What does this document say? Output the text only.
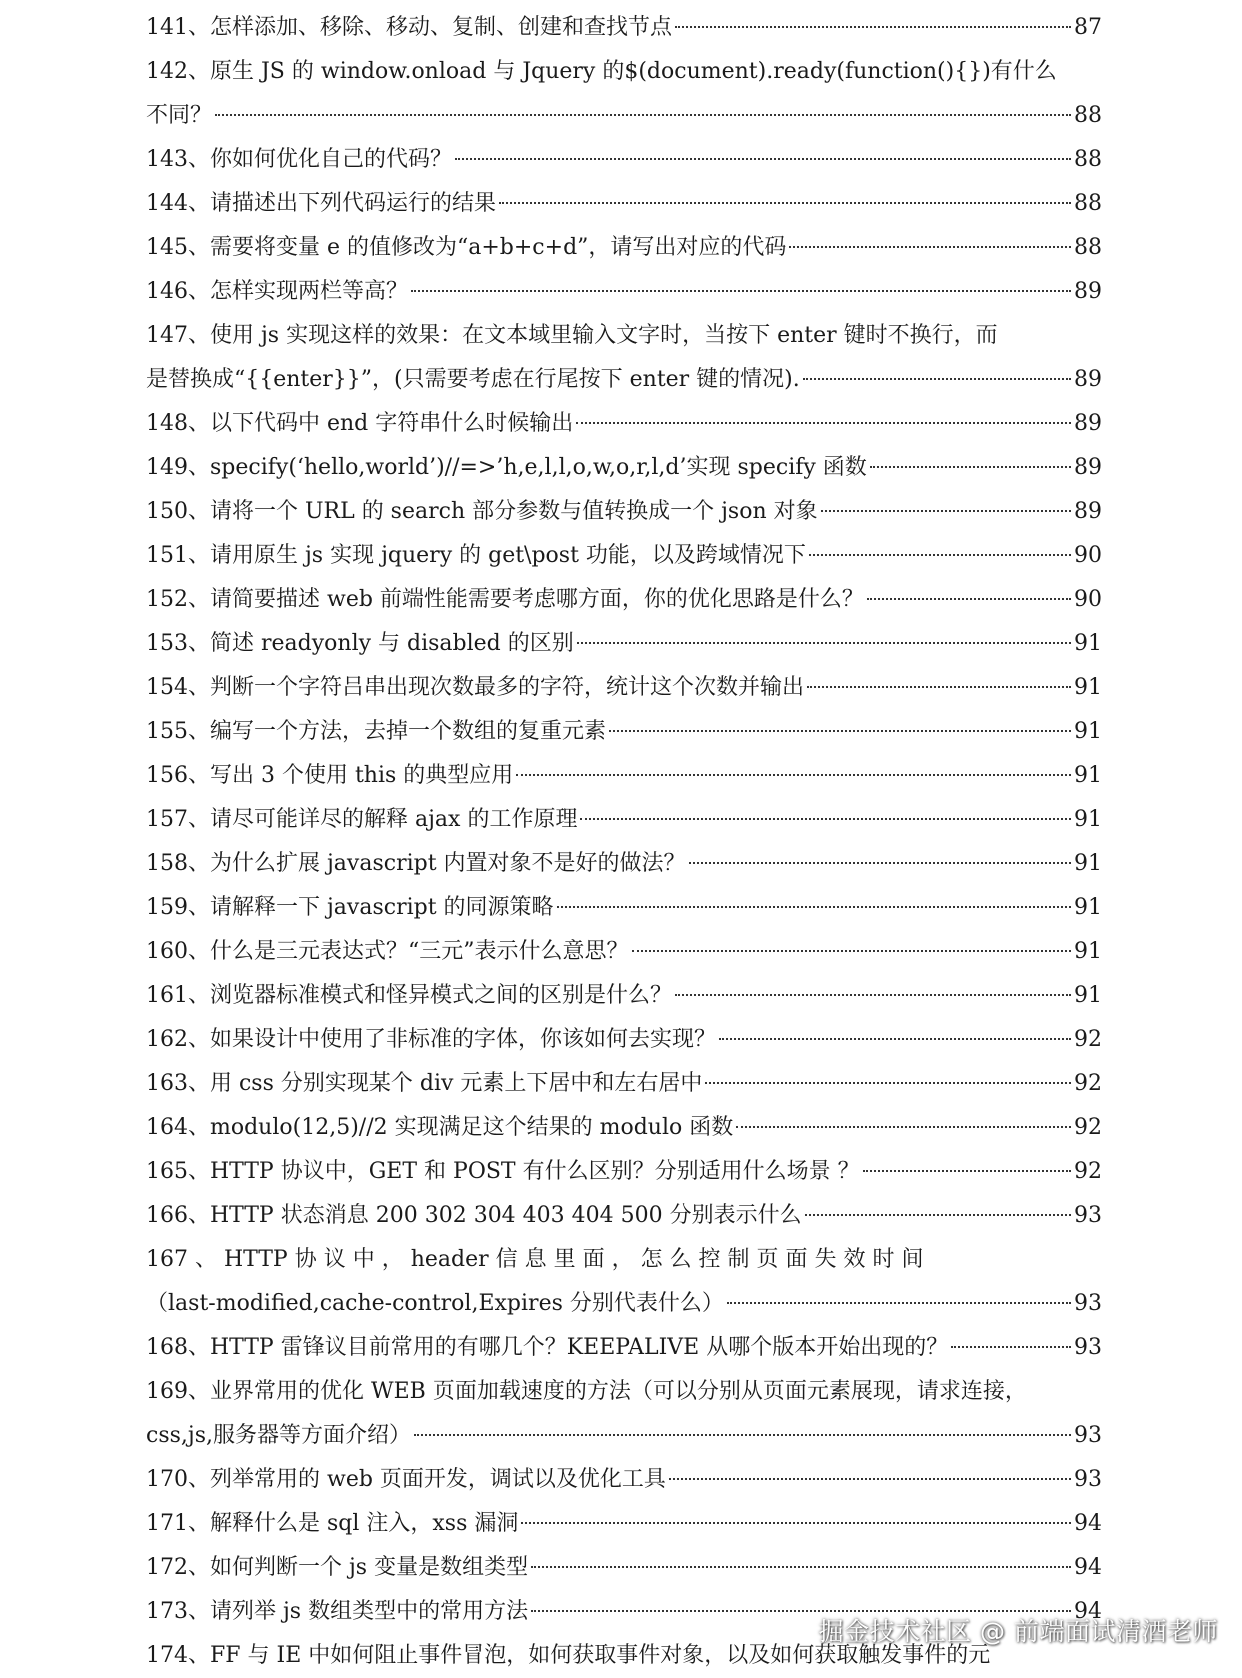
141、怎样添加、移除、移动、复制、创建和查找节点	87
142、原生 JS 的 window.onload 与 Jquery 的$(document).ready(function(){})有什么
不同？	88
143、你如何优化自己的代码？	88
144、请描述出下列代码运行的结果	88
145、需要将变量 e 的值修改为“a+b+c+d”，请写出对应的代码	88
146、怎样实现两栏等高？	89
147、使用 js 实现这样的效果：在文本域里输入文字时，当按下 enter 键时不换行，而
是替换成“{{enter}}”，(只需要考虑在行尾按下 enter 键的情况).	89
148、以下代码中 end 字符串什么时候输出	89
149、specify(‘hello,world’)//=>’h,e,l,l,o,w,o,r,l,d’实现 specify 函数	89
150、请将一个 URL 的 search 部分参数与值转换成一个 json 对象	89
151、请用原生 js 实现 jquery 的 get\post 功能，以及跨域情况下	90
152、请简要描述 web 前端性能需要考虑哪方面，你的优化思路是什么？	90
153、简述 readyonly 与 disabled 的区别	91
154、判断一个字符吕串出现次数最多的字符，统计这个次数并输出	91
155、编写一个方法，去掉一个数组的复重元素	91
156、写出 3 个使用 this 的典型应用	91
157、请尽可能详尽的解释 ajax 的工作原理	91
158、为什么扩展 javascript 内置对象不是好的做法？	91
159、请解释一下 javascript 的同源策略	91
160、什么是三元表达式？“三元”表示什么意思？	91
161、浏览器标准模式和怪异模式之间的区别是什么？	91
162、如果设计中使用了非标准的字体，你该如何去实现？	92
163、用 css 分别实现某个 div 元素上下居中和左右居中	92
164、modulo(12,5)//2 实现满足这个结果的 modulo 函数	92
165、HTTP 协议中，GET 和 POST 有什么区别？分别适用什么场景 ？	92
166、HTTP 状态消息 200 302 304 403 404 500 分别表示什么	93
167 、 HTTP 协 议 中 ， header 信 息 里 面 ， 怎 么 控 制 页 面 失 效 时 间
（last-modified,cache-control,Expires 分别代表什么）	93
168、HTTP 雷锋议目前常用的有哪几个？KEEPALIVE 从哪个版本开始出现的？	93
169、业界常用的优化 WEB 页面加载速度的方法（可以分别从页面元素展现，请求连接，
css,js,服务器等方面介绍）	93
170、列举常用的 web 页面开发，调试以及优化工具	93
171、解释什么是 sql 注入，xss 漏洞	94
172、如何判断一个 js 变量是数组类型	94
173、请列举 js 数组类型中的常用方法	94
174、FF 与 IE 中如何阻止事件冒泡，如何获取事件对象，以及如何获取触发事件的元
掘金技术社区 @ 前端面试清酒老师
